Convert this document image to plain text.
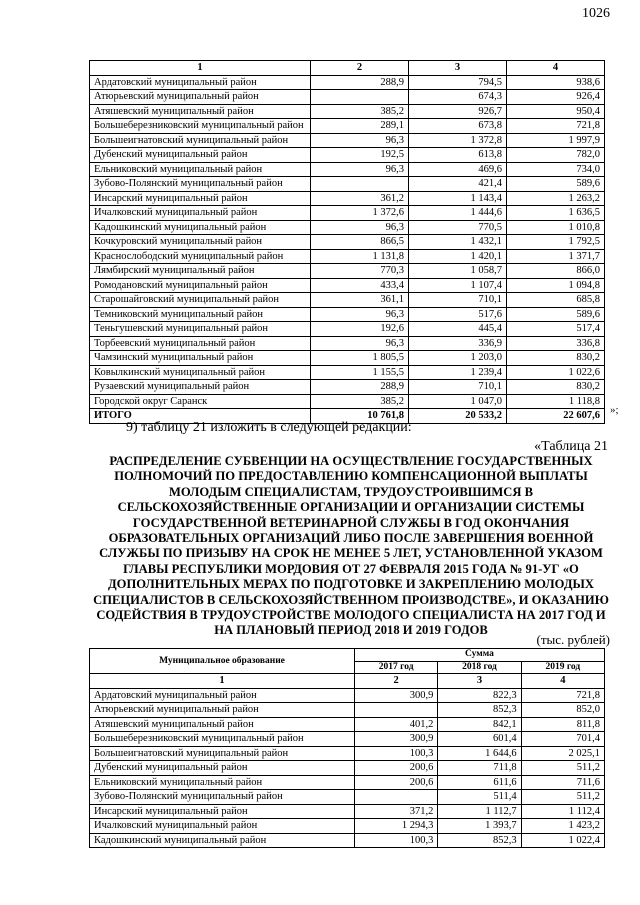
1026
1	2	3	4
Ардатовский муниципальный район	288,9	794,5	938,6
Атюрьевский муниципальный район		674,3	926,4
Атяшевский муниципальный район	385,2	926,7	950,4
Большеберезниковский муниципальный район	289,1	673,8	721,8
Большеигнатовский муниципальный район	96,3	1 372,8	1 997,9
Дубенский муниципальный район	192,5	613,8	782,0
Ельниковский муниципальный район	96,3	469,6	734,0
Зубово-Полянский муниципальный район		421,4	589,6
Инсарский муниципальный район	361,2	1 143,4	1 263,2
Ичалковский муниципальный район	1 372,6	1 444,6	1 636,5
Кадошкинский муниципальный район	96,3	770,5	1 010,8
Кочкуровский муниципальный район	866,5	1 432,1	1 792,5
Краснослободский муниципальный район	1 131,8	1 420,1	1 371,7
Лямбирский муниципальный район	770,3	1 058,7	866,0
Ромодановский муниципальный район	433,4	1 107,4	1 094,8
Старошайговский муниципальный район	361,1	710,1	685,8
Темниковский муниципальный район	96,3	517,6	589,6
Теньгушевский муниципальный район	192,6	445,4	517,4
Торбеевский муниципальный район	96,3	336,9	336,8
Чамзинский муниципальный район	1 805,5	1 203,0	830,2
Ковылкинский муниципальный район	1 155,5	1 239,4	1 022,6
Рузаевский муниципальный район	288,9	710,1	830,2
Городской округ Саранск	385,2	1 047,0	1 118,8
ИТОГО	10 761,8	20 533,2	22 607,6 »;
9) таблицу 21 изложить в следующей редакции:
«Таблица 21
РАСПРЕДЕЛЕНИЕ СУБВЕНЦИИ НА ОСУЩЕСТВЛЕНИЕ ГОСУДАРСТВЕННЫХ ПОЛНОМОЧИЙ ПО ПРЕДОСТАВЛЕНИЮ КОМПЕНСАЦИОННОЙ ВЫПЛАТЫ МОЛОДЫМ СПЕЦИАЛИСТАМ, ТРУДОУСТРОИВШИМСЯ В СЕЛЬСКОХОЗЯЙСТВЕННЫЕ ОРГАНИЗАЦИИ И ОРГАНИЗАЦИИ СИСТЕМЫ ГОСУДАРСТВЕННОЙ ВЕТЕРИНАРНОЙ СЛУЖБЫ В ГОД ОКОНЧАНИЯ ОБРАЗОВАТЕЛЬНЫХ ОРГАНИЗАЦИЙ ЛИБО ПОСЛЕ ЗАВЕРШЕНИЯ ВОЕННОЙ СЛУЖБЫ ПО ПРИЗЫВУ НА СРОК НЕ МЕНЕЕ 5 ЛЕТ, УСТАНОВЛЕННОЙ УКАЗОМ ГЛАВЫ РЕСПУБЛИКИ МОРДОВИЯ ОТ 27 ФЕВРАЛЯ 2015 ГОДА № 91-УГ «О ДОПОЛНИТЕЛЬНЫХ МЕРАХ ПО ПОДГОТОВКЕ И ЗАКРЕПЛЕНИЮ МОЛОДЫХ СПЕЦИАЛИСТОВ В СЕЛЬСКОХОЗЯЙСТВЕННОМ ПРОИЗВОДСТВЕ», И ОКАЗАНИЮ СОДЕЙСТВИЯ В ТРУДОУСТРОЙСТВЕ МОЛОДОГО СПЕЦИАЛИСТА НА 2017 ГОД И НА ПЛАНОВЫЙ ПЕРИОД 2018 И 2019 ГОДОВ
(тыс. рублей)
Муниципальное образование	Сумма		
	2017 год	2018 год	2019 год
1	2	3	4
Ардатовский муниципальный район	300,9	822,3	721,8
Атюрьевский муниципальный район		852,3	852,0
Атяшевский муниципальный район	401,2	842,1	811,8
Большеберезниковский муниципальный район	300,9	601,4	701,4
Большеигнатовский муниципальный район	100,3	1 644,6	2 025,1
Дубенский муниципальный район	200,6	711,8	511,2
Ельниковский муниципальный район	200,6	611,6	711,6
Зубово-Полянский муниципальный район		511,4	511,2
Инсарский муниципальный район	371,2	1 112,7	1 112,4
Ичалковский муниципальный район	1 294,3	1 393,7	1 423,2
Кадошкинский муниципальный район	100,3	852,3	1 022,4
